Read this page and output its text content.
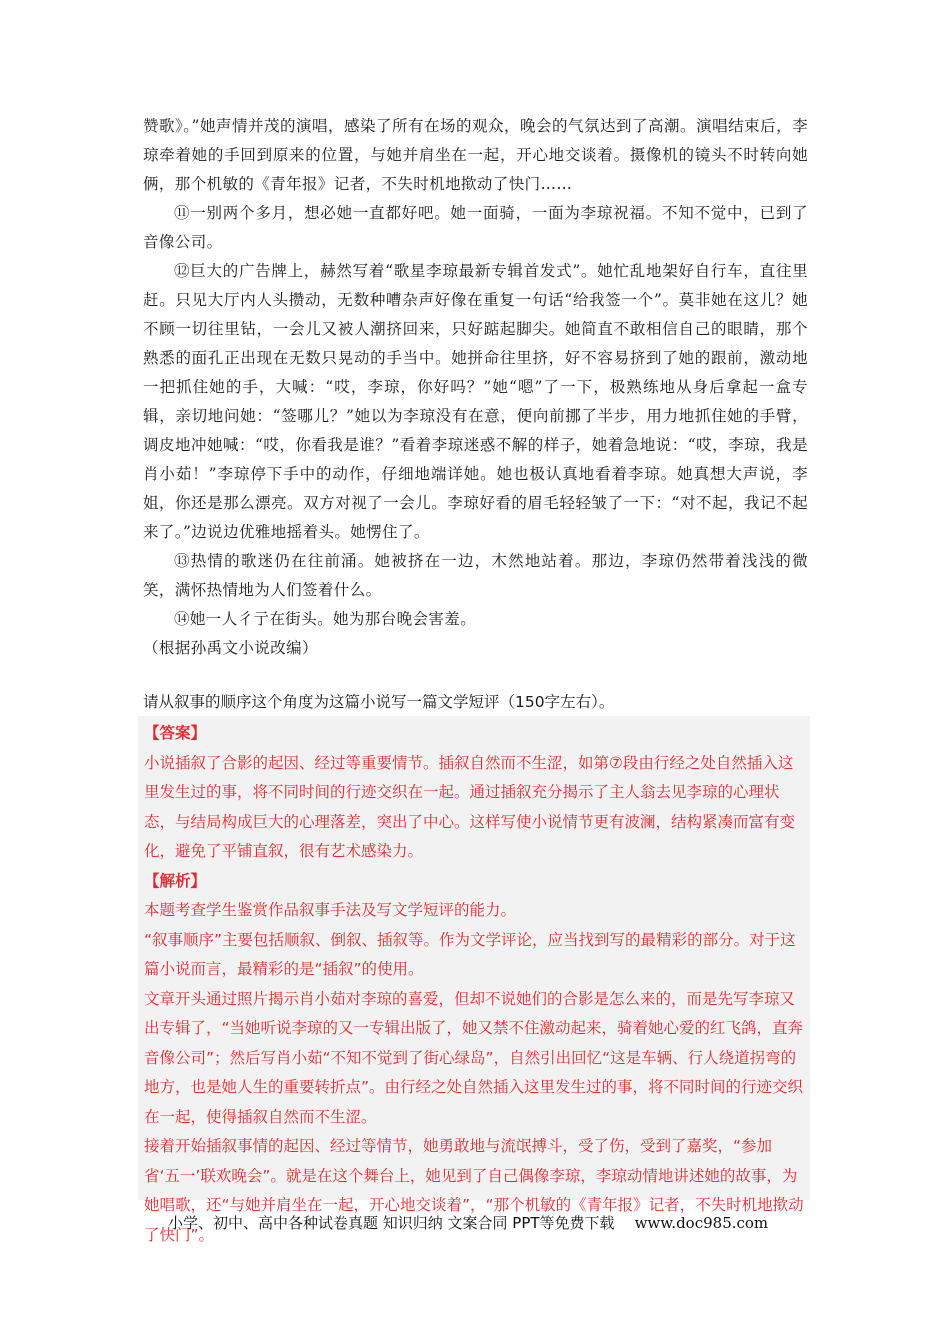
赞歌》。”她声情并茂的演唱，感染了所有在场的观众，晚会的气氛达到了高潮。演唱结束后，李琼牵着她的手回到原来的位置，与她并肩坐在一起，开心地交谈着。摄像机的镜头不时转向她俩，那个机敏的《青年报》记者，不失时机地揿动了快门……

⑪一别两个多月，想必她一直都好吧。她一面骑，一面为李琼祝福。不知不觉中，已到了音像公司。

⑫巨大的广告牌上，赫然写着“歌星李琼最新专辑首发式”。她忙乱地架好自行车，直往里赶。只见大厅内人头攒动，无数种嘈杂声好像在重复一句话“给我签一个”。莫非她在这儿？她不顾一切往里钻，一会儿又被人潮挤回来，只好踮起脚尖。她简直不敢相信自己的眼睛，那个熟悉的面孔正出现在无数只晃动的手当中。她拼命往里挤，好不容易挤到了她的跟前，激动地一把抓住她的手，大喊：“哎，李琼，你好吗？”她“嗯”了一下，极熟练地从身后拿起一盒专辑，亲切地问她：“签哪儿？”她以为李琼没有在意，便向前挪了半步，用力地抓住她的手臂，调皮地冲她喊：“哎，你看我是谁？”看着李琼迷惑不解的样子，她着急地说：“哎，李琼，我是肖小茹！”李琼停下手中的动作，仔细地端详她。她也极认真地看着李琼。她真想大声说，李姐，你还是那么漂亮。双方对视了一会儿。李琼好看的眉毛轻轻皱了一下：“对不起，我记不起来了。”边说边优雅地摇着头。她愣住了。

⑬热情的歌迷仍在往前涌。她被挤在一边，木然地站着。那边，李琼仍然带着浅浅的微笑，满怀热情地为人们签着什么。

⑭她一人彳亍在街头。她为那台晚会害羞。

（根据孙禹文小说改编）

请从叙事的顺序这个角度为这篇小说写一篇文学短评（150字左右）。

【答案】

小说插叙了合影的起因、经过等重要情节。插叙自然而不生涩，如第⑦段由行经之处自然插入这里发生过的事，将不同时间的行迹交织在一起。通过插叙充分揭示了主人翁去见李琼的心理状态，与结局构成巨大的心理落差，突出了中心。这样写使小说情节更有波澜，结构紧凑而富有变化，避免了平铺直叙，很有艺术感染力。

【解析】

本题考查学生鉴赏作品叙事手法及写文学短评的能力。

“叙事顺序”主要包括顺叙、倒叙、插叙等。作为文学评论，应当找到写的最精彩的部分。对于这篇小说而言，最精彩的是“插叙”的使用。

文章开头通过照片揭示肖小茹对李琼的喜爱，但却不说她们的合影是怎么来的，而是先写李琼又出专辑了，“当她听说李琼的又一专辑出版了，她又禁不住激动起来，骑着她心爱的红飞鸽，直奔音像公司”；然后写肖小茹“不知不觉到了街心绿岛”，自然引出回忆“这是车辆、行人绕道拐弯的地方，也是她人生的重要转折点”。由行经之处自然插入这里发生过的事，将不同时间的行迹交织在一起，使得插叙自然而不生涩。

接着开始插叙事情的起因、经过等情节，她勇敢地与流氓搏斗，受了伤，受到了嘉奖，“参加省‘五一’联欢晚会”。就是在这个舞台上，她见到了自己偶像李琼，李琼动情地讲述她的故事，为她唱歌，还“与她并肩坐在一起，开心地交谈着”，“那个机敏的《青年报》记者，不失时机地揿动了快门”。

小学、初中、高中各种试卷真题 知识归纳 文案合同 PPT等免费下载 www.doc985.com
